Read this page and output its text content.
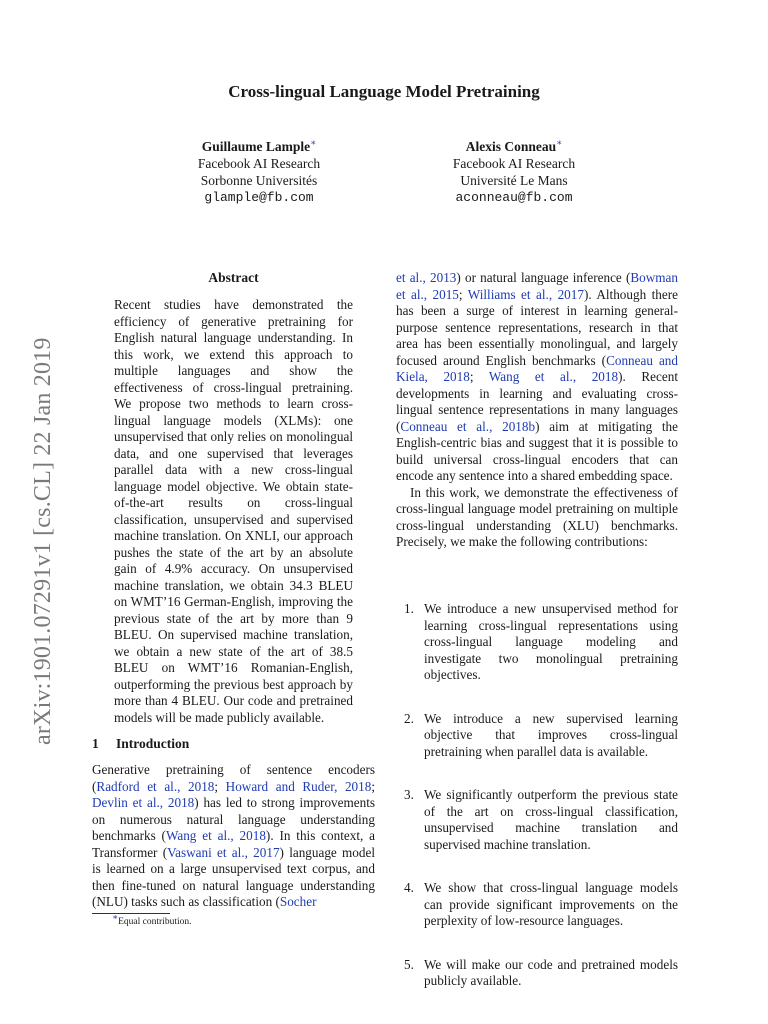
arXiv:1901.07291v1 [cs.CL] 22 Jan 2019
Cross-lingual Language Model Pretraining
Guillaume Lample∗
Facebook AI Research
Sorbonne Universités
glample@fb.com
Alexis Conneau∗
Facebook AI Research
Université Le Mans
aconneau@fb.com
Abstract
Recent studies have demonstrated the efficiency of generative pretraining for English natural language understanding. In this work, we extend this approach to multiple languages and show the effectiveness of cross-lingual pretraining. We propose two methods to learn cross-lingual language models (XLMs): one unsupervised that only relies on monolingual data, and one supervised that leverages parallel data with a new cross-lingual language model objective. We obtain state-of-the-art results on cross-lingual classification, unsupervised and supervised machine translation. On XNLI, our approach pushes the state of the art by an absolute gain of 4.9% accuracy. On unsupervised machine translation, we obtain 34.3 BLEU on WMT’16 German-English, improving the previous state of the art by more than 9 BLEU. On supervised machine translation, we obtain a new state of the art of 38.5 BLEU on WMT’16 Romanian-English, outperforming the previous best approach by more than 4 BLEU. Our code and pretrained models will be made publicly available.
1 Introduction
Generative pretraining of sentence encoders (Radford et al., 2018; Howard and Ruder, 2018; Devlin et al., 2018) has led to strong improvements on numerous natural language understanding benchmarks (Wang et al., 2018). In this context, a Transformer (Vaswani et al., 2017) language model is learned on a large unsupervised text corpus, and then fine-tuned on natural language understanding (NLU) tasks such as classification (Socher
∗Equal contribution.

et al., 2013) or natural language inference (Bowman et al., 2015; Williams et al., 2017). Although there has been a surge of interest in learning general-purpose sentence representations, research in that area has been essentially monolingual, and largely focused around English benchmarks (Conneau and Kiela, 2018; Wang et al., 2018). Recent developments in learning and evaluating cross-lingual sentence representations in many languages (Conneau et al., 2018b) aim at mitigating the English-centric bias and suggest that it is possible to build universal cross-lingual encoders that can encode any sentence into a shared embedding space.

In this work, we demonstrate the effectiveness of cross-lingual language model pretraining on multiple cross-lingual understanding (XLU) benchmarks. Precisely, we make the following contributions:

1. We introduce a new unsupervised method for learning cross-lingual representations using cross-lingual language modeling and investigate two monolingual pretraining objectives.
2. We introduce a new supervised learning objective that improves cross-lingual pretraining when parallel data is available.
3. We significantly outperform the previous state of the art on cross-lingual classification, unsupervised machine translation and supervised machine translation.
4. We show that cross-lingual language models can provide significant improvements on the perplexity of low-resource languages.
5. We will make our code and pretrained models publicly available.
